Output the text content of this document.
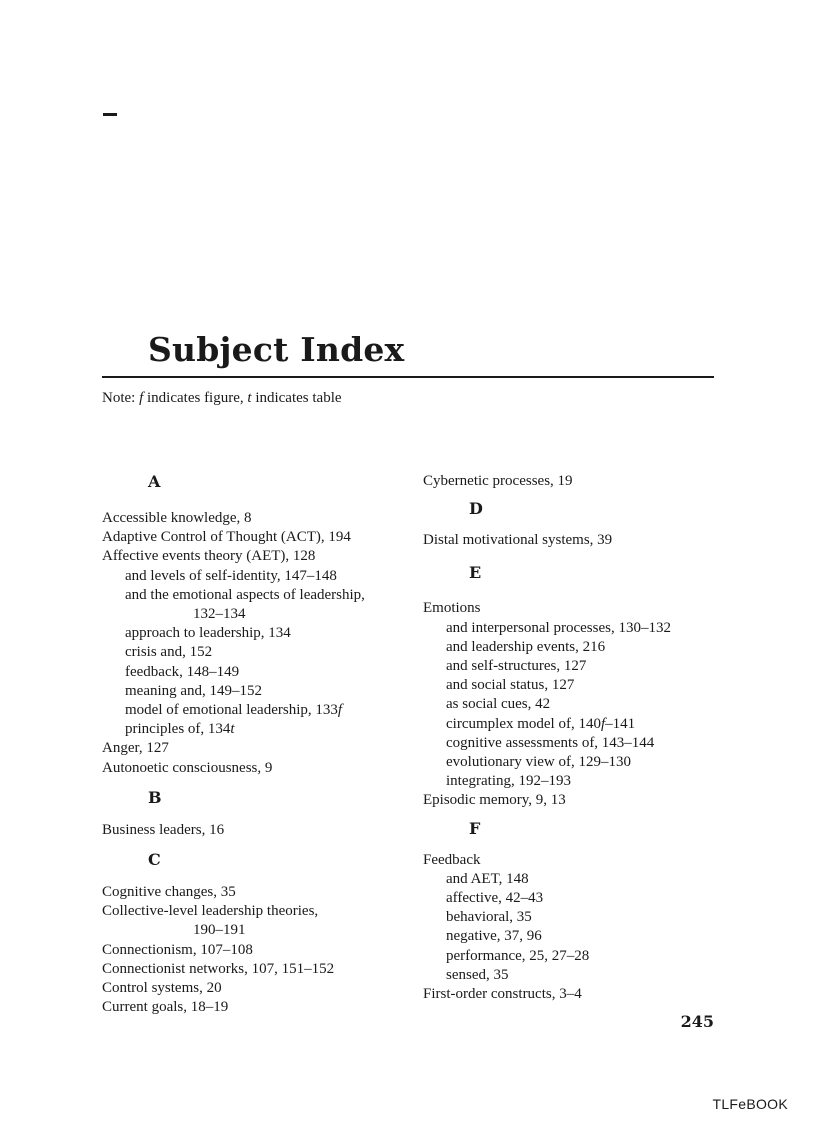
Subject Index
Note: f indicates figure, t indicates table

A

Accessible knowledge, 8

Adaptive Control of Thought (ACT), 194

Affective events theory (AET), 128

and levels of self-identity, 147–148

and the emotional aspects of leadership,

132–134

approach to leadership, 134

crisis and, 152

feedback, 148–149

meaning and, 149–152

model of emotional leadership, 133f

principles of, 134t

Anger, 127

Autonoetic consciousness, 9

B

Business leaders, 16

C

Cognitive changes, 35

Collective-level leadership theories,

190–191

Connectionism, 107–108

Connectionist networks, 107, 151–152

Control systems, 20

Current goals, 18–19

Cybernetic processes, 19

D

Distal motivational systems, 39

E

Emotions

and interpersonal processes, 130–132

and leadership events, 216

and self-structures, 127

and social status, 127

as social cues, 42

circumplex model of, 140f–141

cognitive assessments of, 143–144

evolutionary view of, 129–130

integrating, 192–193

Episodic memory, 9, 13

F

Feedback

and AET, 148

affective, 42–43

behavioral, 35

negative, 37, 96

performance, 25, 27–28

sensed, 35

First-order constructs, 3–4

245
TLFeBOOK
